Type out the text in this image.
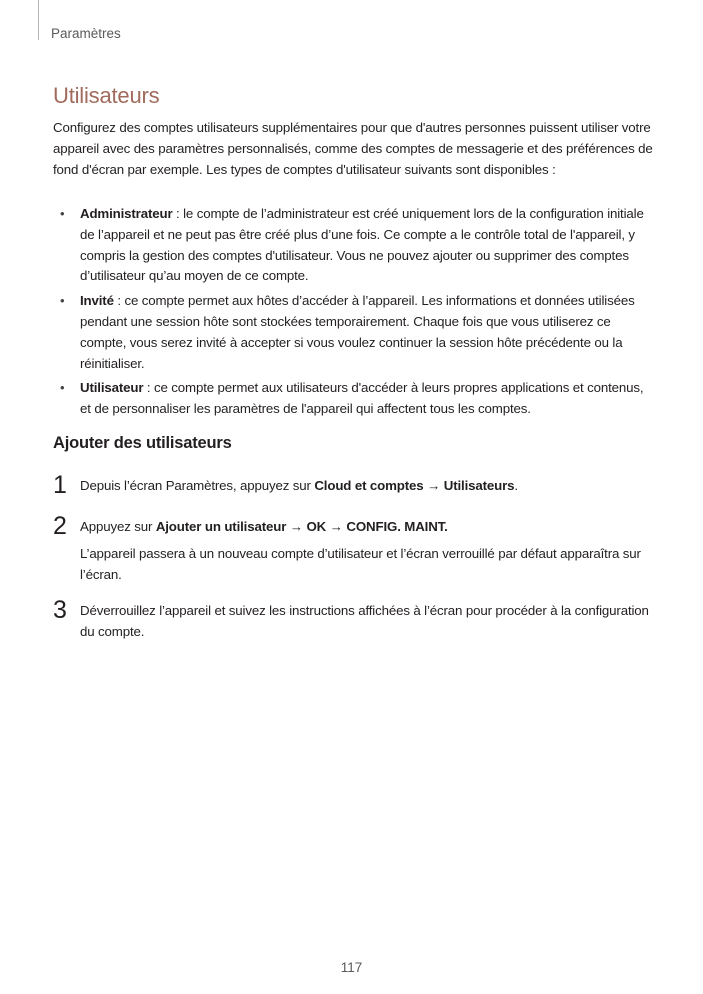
Paramètres
Utilisateurs
Configurez des comptes utilisateurs supplémentaires pour que d'autres personnes puissent utiliser votre appareil avec des paramètres personnalisés, comme des comptes de messagerie et des préférences de fond d'écran par exemple. Les types de comptes d'utilisateur suivants sont disponibles :
• Administrateur : le compte de l’administrateur est créé uniquement lors de la configuration initiale de l’appareil et ne peut pas être créé plus d’une fois. Ce compte a le contrôle total de l'appareil, y compris la gestion des comptes d'utilisateur. Vous ne pouvez ajouter ou supprimer des comptes d’utilisateur qu’au moyen de ce compte.
• Invité : ce compte permet aux hôtes d’accéder à l’appareil. Les informations et données utilisées pendant une session hôte sont stockées temporairement. Chaque fois que vous utiliserez ce compte, vous serez invité à accepter si vous voulez continuer la session hôte précédente ou la réinitialiser.
• Utilisateur : ce compte permet aux utilisateurs d'accéder à leurs propres applications et contenus, et de personnaliser les paramètres de l'appareil qui affectent tous les comptes.
Ajouter des utilisateurs
1 Depuis l’écran Paramètres, appuyez sur Cloud et comptes → Utilisateurs.
2 Appuyez sur Ajouter un utilisateur → OK → CONFIG. MAINT.
L’appareil passera à un nouveau compte d’utilisateur et l’écran verrouillé par défaut apparaîtra sur l’écran.
3 Déverrouillez l’appareil et suivez les instructions affichées à l’écran pour procéder à la configuration du compte.
117
